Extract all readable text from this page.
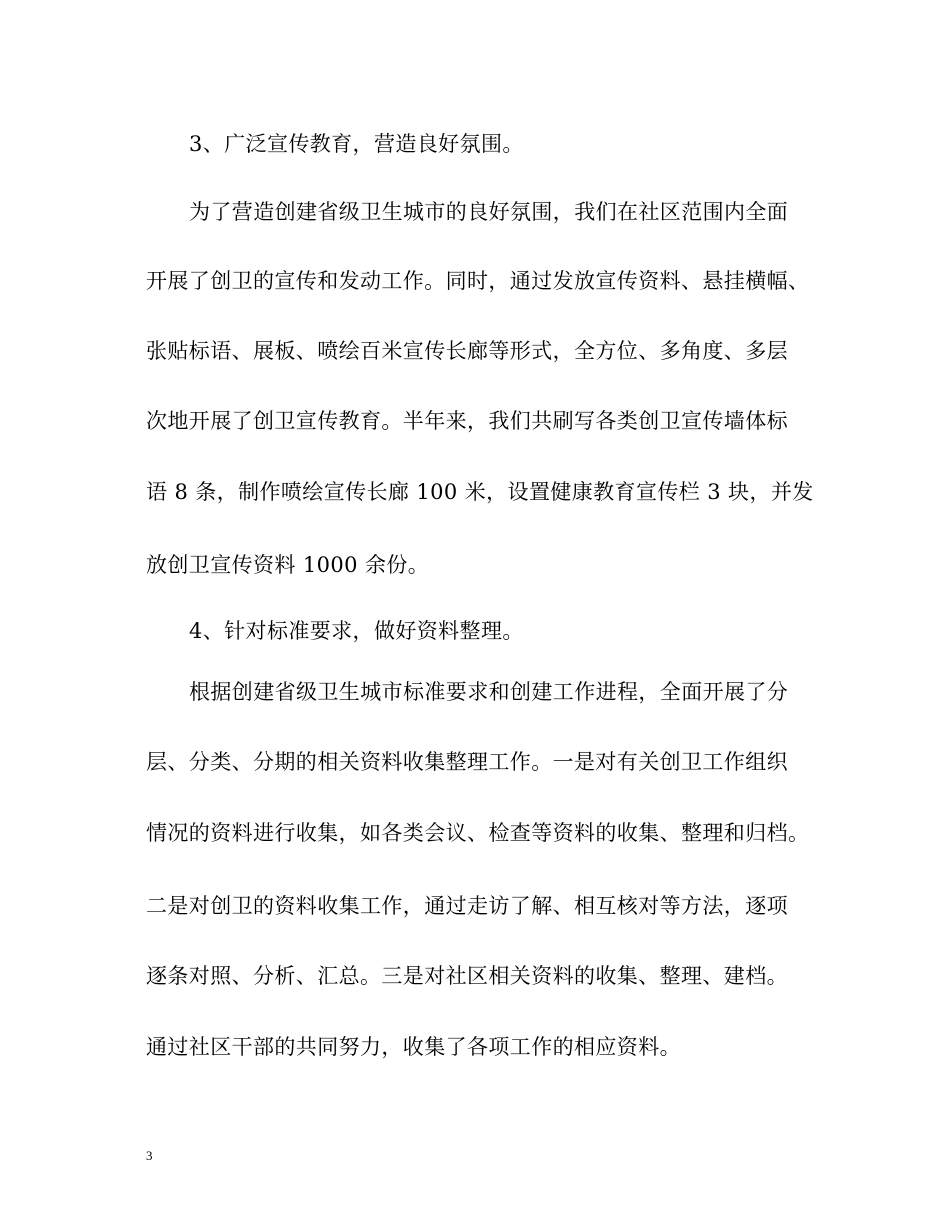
3、广泛宣传教育，营造良好氛围。
为了营造创建省级卫生城市的良好氛围，我们在社区范围内全面
开展了创卫的宣传和发动工作。同时，通过发放宣传资料、悬挂横幅、
张贴标语、展板、喷绘百米宣传长廊等形式，全方位、多角度、多层
次地开展了创卫宣传教育。半年来，我们共刷写各类创卫宣传墙体标
语 8 条，制作喷绘宣传长廊 100 米，设置健康教育宣传栏 3 块，并发
放创卫宣传资料 1000 余份。
4、针对标准要求，做好资料整理。
根据创建省级卫生城市标准要求和创建工作进程，全面开展了分
层、分类、分期的相关资料收集整理工作。一是对有关创卫工作组织
情况的资料进行收集，如各类会议、检查等资料的收集、整理和归档。
二是对创卫的资料收集工作，通过走访了解、相互核对等方法，逐项
逐条对照、分析、汇总。三是对社区相关资料的收集、整理、建档。
通过社区干部的共同努力，收集了各项工作的相应资料。
3
